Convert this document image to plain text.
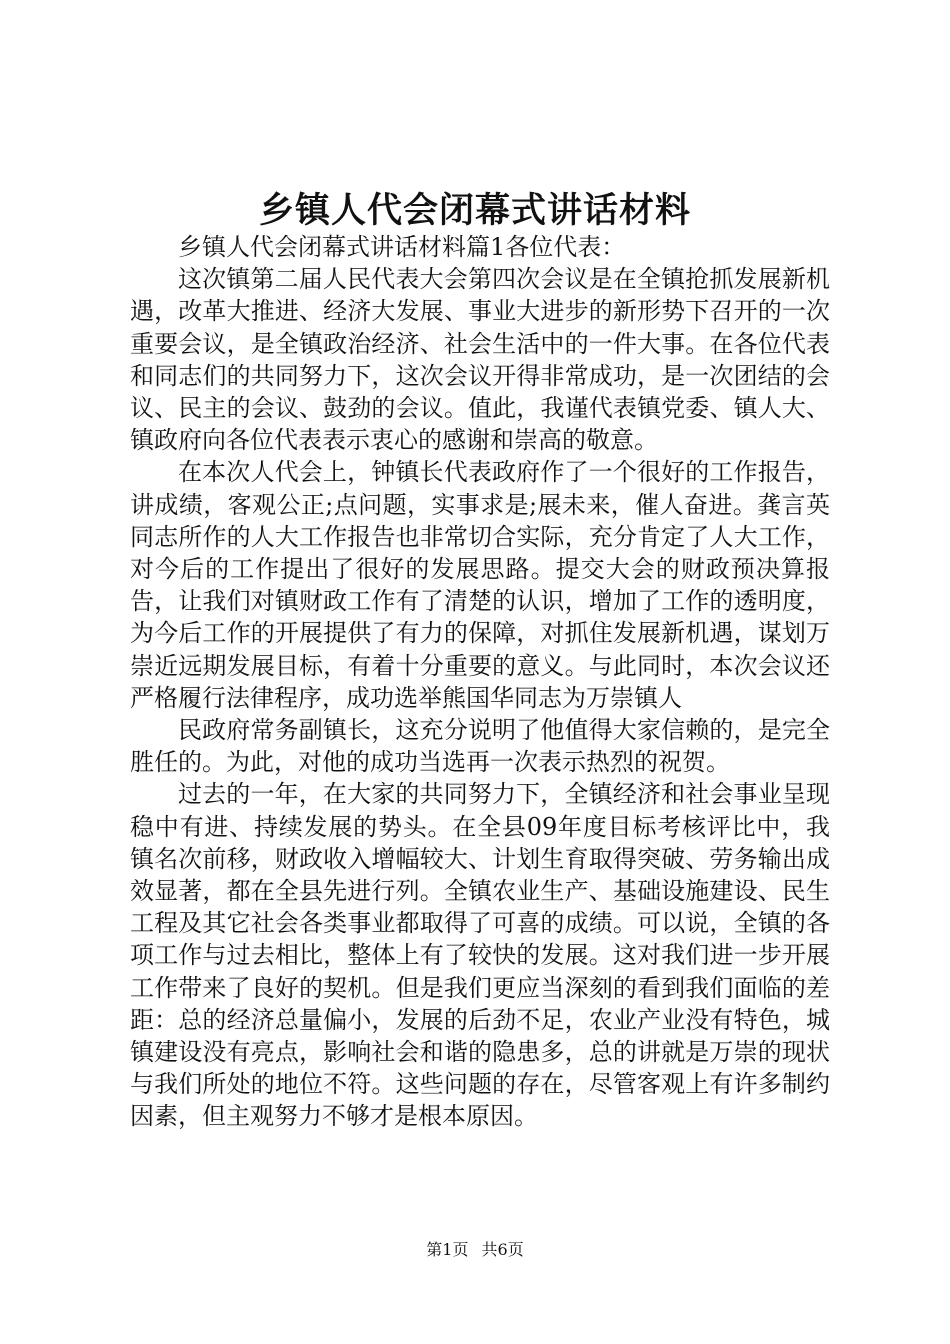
乡镇人代会闭幕式讲话材料

乡镇人代会闭幕式讲话材料篇1各位代表：

这次镇第二届人民代表大会第四次会议是在全镇抢抓发展新机遇，改革大推进、经济大发展、事业大进步的新形势下召开的一次重要会议，是全镇政治经济、社会生活中的一件大事。在各位代表和同志们的共同努力下，这次会议开得非常成功，是一次团结的会议、民主的会议、鼓劲的会议。值此，我谨代表镇党委、镇人大、镇政府向各位代表表示衷心的感谢和崇高的敬意。

在本次人代会上，钟镇长代表政府作了一个很好的工作报告，讲成绩，客观公正;点问题，实事求是;展未来，催人奋进。龚言英同志所作的人大工作报告也非常切合实际，充分肯定了人大工作，对今后的工作提出了很好的发展思路。提交大会的财政预决算报告，让我们对镇财政工作有了清楚的认识，增加了工作的透明度，为今后工作的开展提供了有力的保障，对抓住发展新机遇，谋划万崇近远期发展目标，有着十分重要的意义。与此同时，本次会议还严格履行法律程序，成功选举熊国华同志为万崇镇人

民政府常务副镇长，这充分说明了他值得大家信赖的，是完全胜任的。为此，对他的成功当选再一次表示热烈的祝贺。

过去的一年，在大家的共同努力下，全镇经济和社会事业呈现稳中有进、持续发展的势头。在全县09年度目标考核评比中，我镇名次前移，财政收入增幅较大、计划生育取得突破、劳务输出成效显著，都在全县先进行列。全镇农业生产、基础设施建设、民生工程及其它社会各类事业都取得了可喜的成绩。可以说，全镇的各项工作与过去相比，整体上有了较快的发展。这对我们进一步开展工作带来了良好的契机。但是我们更应当深刻的看到我们面临的差距：总的经济总量偏小，发展的后劲不足，农业产业没有特色，城镇建设没有亮点，影响社会和谐的隐患多，总的讲就是万崇的现状与我们所处的地位不符。这些问题的存在，尽管客观上有许多制约因素，但主观努力不够才是根本原因。

第1页 共6页
